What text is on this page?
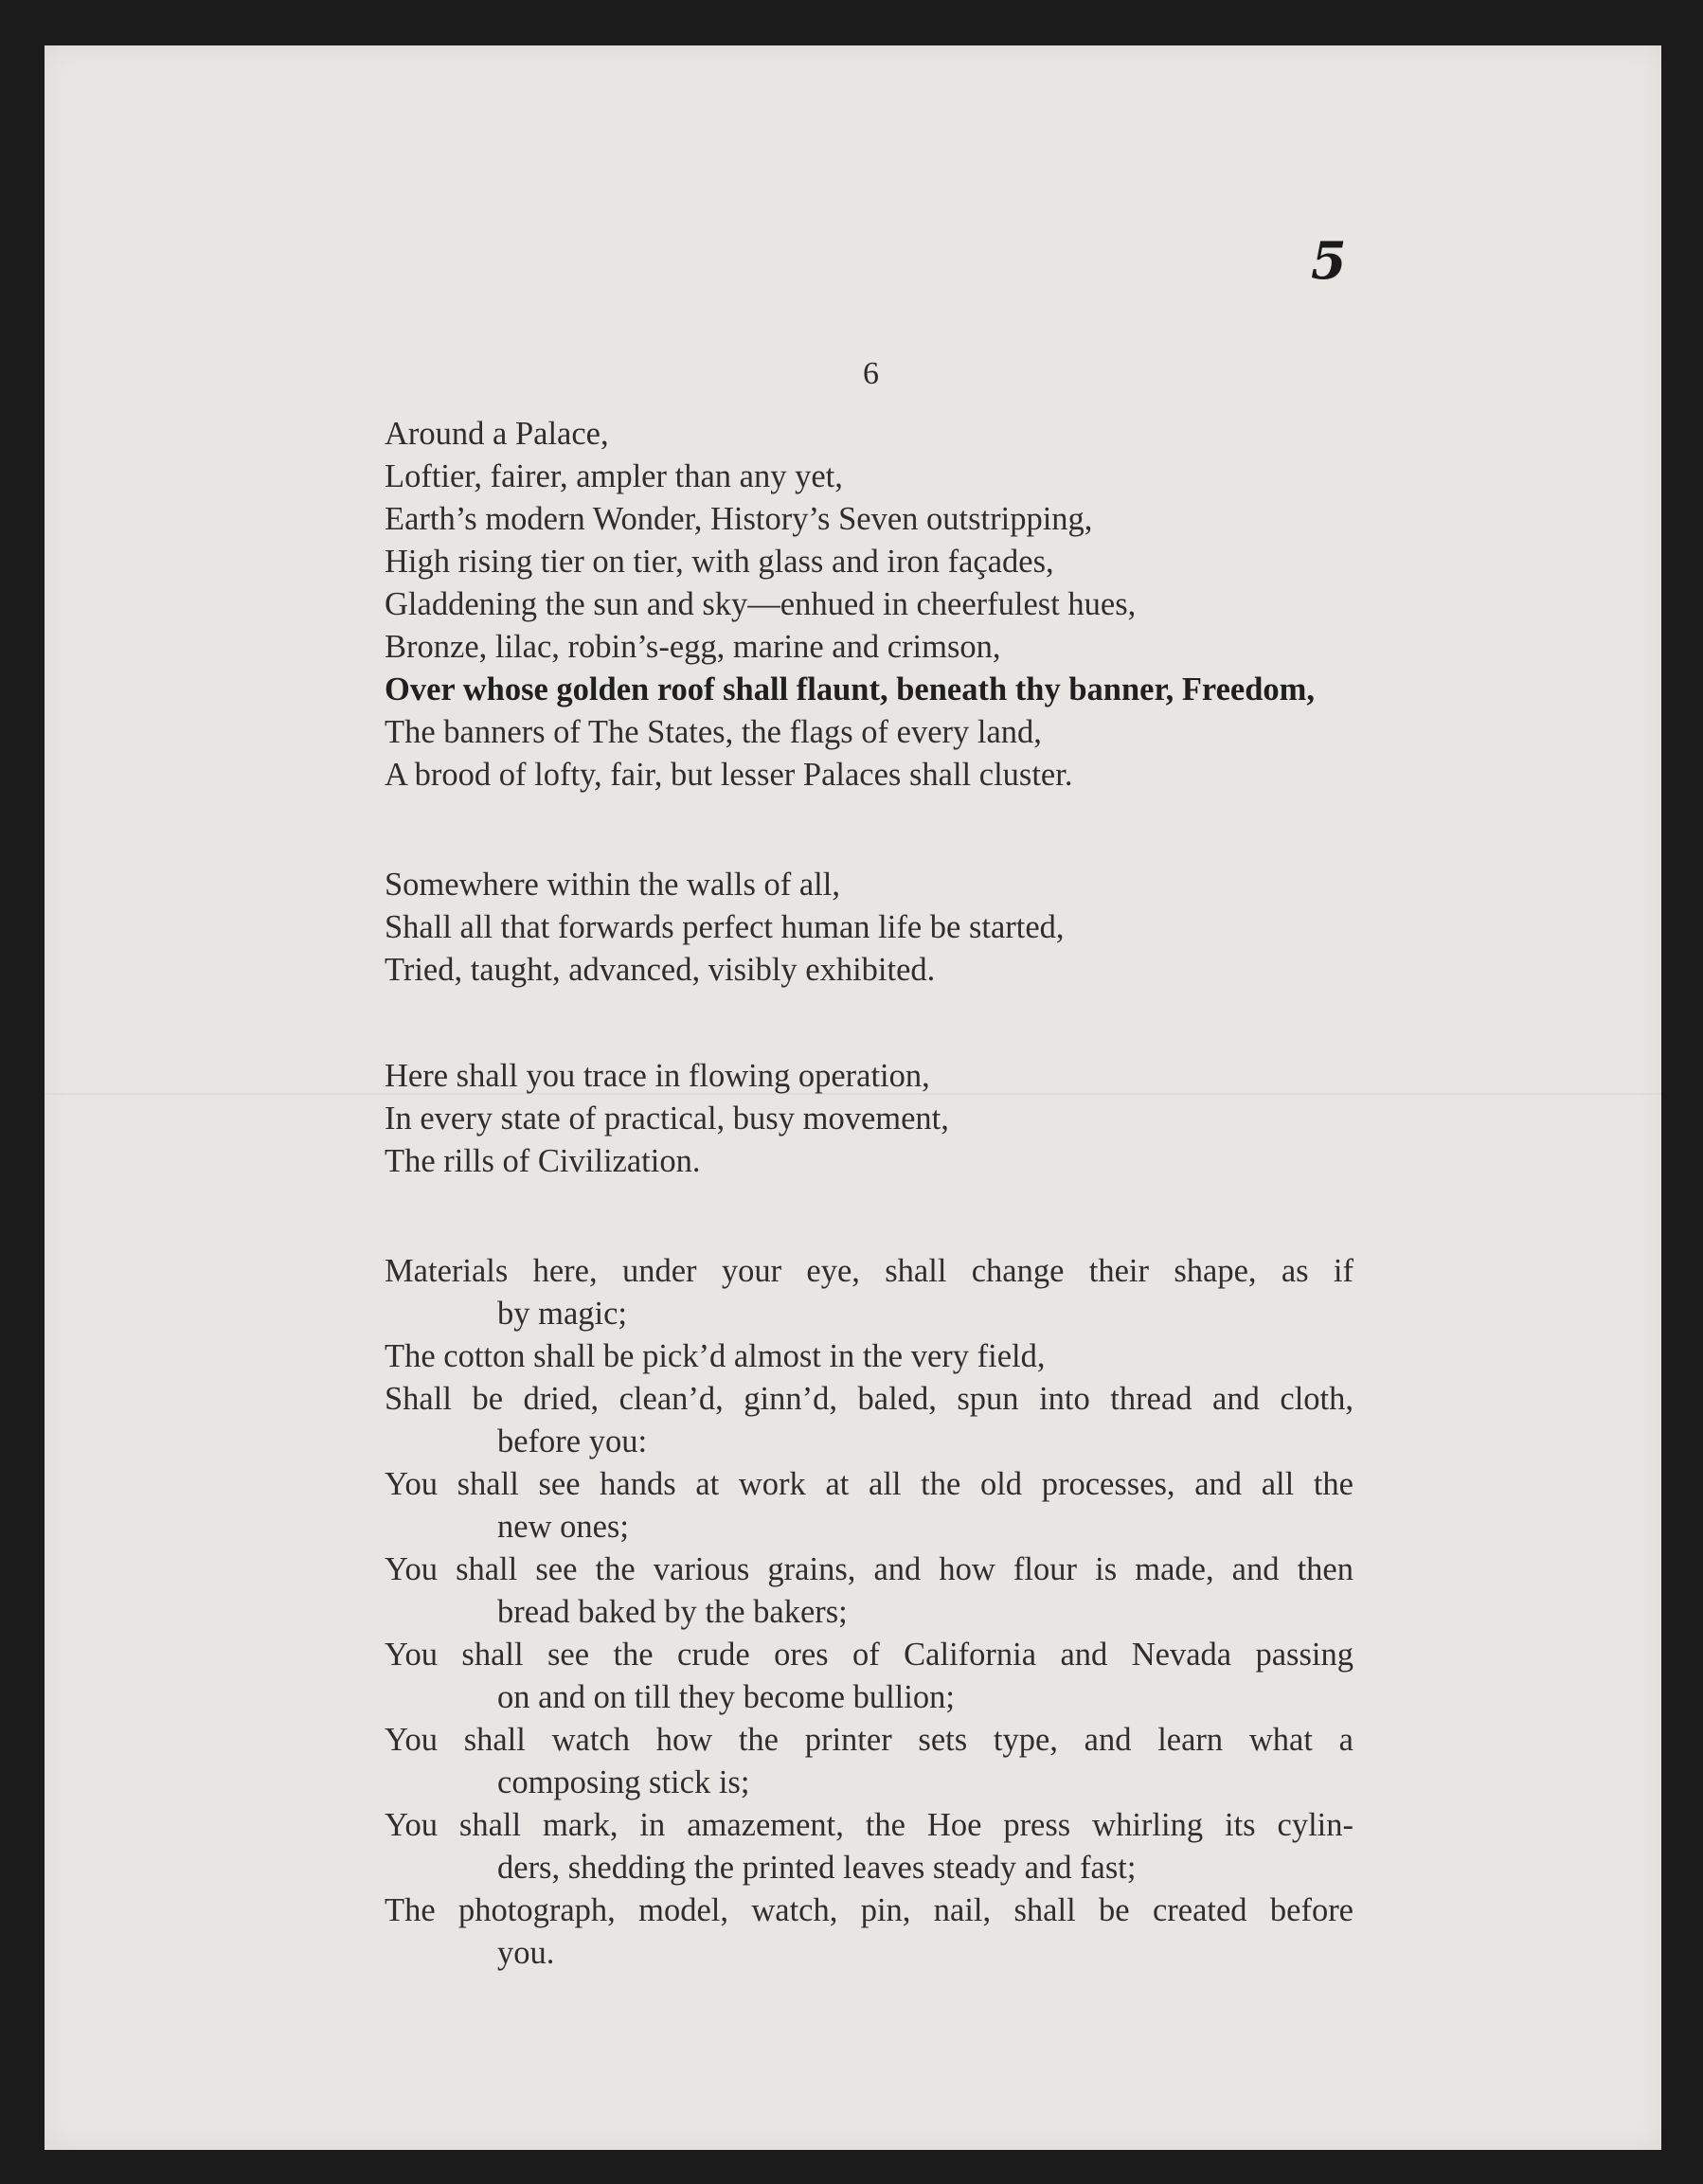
5
6
Around a Palace,
Loftier, fairer, ampler than any yet,
Earth’s modern Wonder, History’s Seven outstripping,
High rising tier on tier, with glass and iron façades,
Gladdening the sun and sky—enhued in cheerfulest hues,
Bronze, lilac, robin’s-egg, marine and crimson,
Over whose golden roof shall flaunt, beneath thy banner, Freedom,
The banners of The States, the flags of every land,
A brood of lofty, fair, but lesser Palaces shall cluster.
Somewhere within the walls of all,
Shall all that forwards perfect human life be started,
Tried, taught, advanced, visibly exhibited.
Here shall you trace in flowing operation,
In every state of practical, busy movement,
The rills of Civilization.
Materials here, under your eye, shall change their shape, as if
by magic;
The cotton shall be pick’d almost in the very field,
Shall be dried, clean’d, ginn’d, baled, spun into thread and cloth,
before you:
You shall see hands at work at all the old processes, and all the
new ones;
You shall see the various grains, and how flour is made, and then
bread baked by the bakers;
You shall see the crude ores of California and Nevada passing
on and on till they become bullion;
You shall watch how the printer sets type, and learn what a
composing stick is;
You shall mark, in amazement, the Hoe press whirling its cylin-
ders, shedding the printed leaves steady and fast;
The photograph, model, watch, pin, nail, shall be created before
you.
